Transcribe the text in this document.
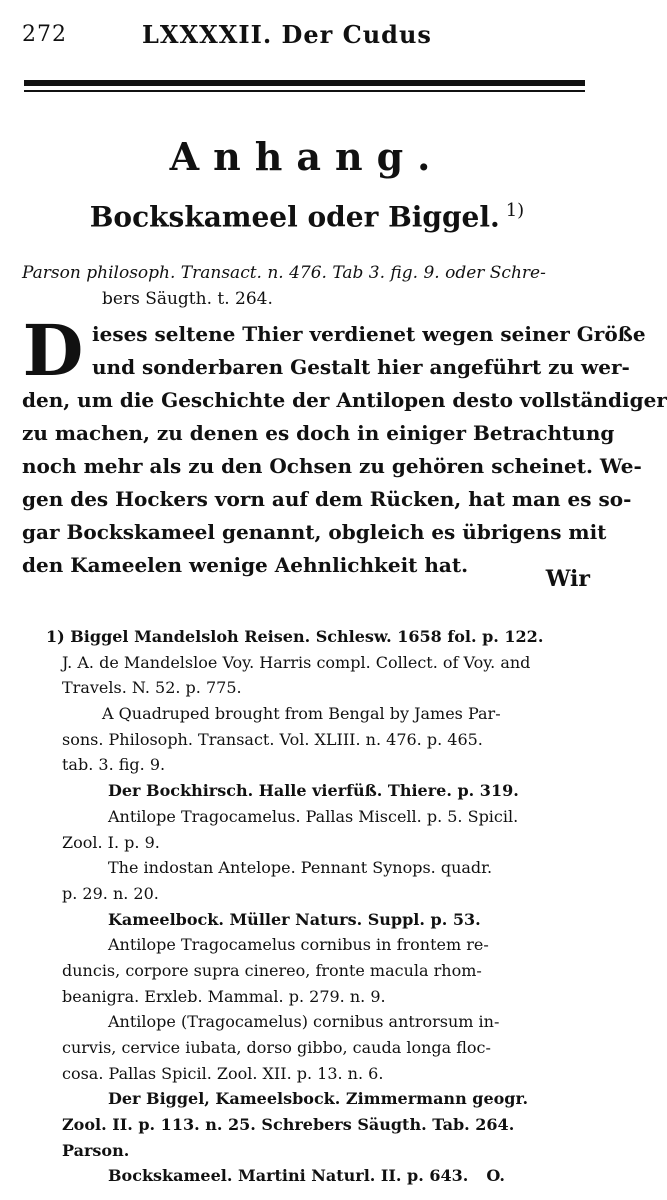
272	LXXXXII. Der Cudus
Anhang.
Bockskameel oder Biggel. $^{1)}$
Parson philosoph. Transact. n. 476. Tab 3. fig. 9. oder Schre-
bers Säugth. t. 264.
D ieses seltene Thier verdienet wegen seiner Größe
und sonderbaren Gestalt hier angeführt zu wer-
den, um die Geschichte der Antilopen desto vollständiger
zu machen, zu denen es doch in einiger Betrachtung
noch mehr als zu den Ochsen zu gehören scheinet. We-
gen des Hockers vorn auf dem Rücken, hat man es so-
gar Bockskameel genannt, obgleich es übrigens mit
den Kameelen wenige Aehnlichkeit hat.
Wir
1) Biggel Mandelsloh Reisen. Schlesw. 1658 fol. p. 122.
J. A. de Mandelsloe Voy. Harris compl. Collect. of Voy. and
Travels. N. 52. p. 775.
A Quadruped brought from Bengal by James Par-
sons. Philosoph. Transact. Vol. XLIII. n. 476. p. 465.
tab. 3. fig. 9.
Der Bockhirsch. Halle vierfüß. Thiere. p. 319.
Antilope Tragocamelus. Pallas Miscell. p. 5. Spicil.
Zool. I. p. 9.
The indostan Antelope. Pennant Synops. quadr.
p. 29. n. 20.
Kameelbock. Müller Naturs. Suppl. p. 53.
Antilope Tragocamelus cornibus in frontem re-
duncis, corpore supra cinereo, fronte macula rhom-
beanigra. Erxleb. Mammal. p. 279. n. 9.
Antilope (Tragocamelus) cornibus antrorsum in-
curvis, cervice iubata, dorso gibbo, cauda longa floc-
cosa. Pallas Spicil. Zool. XII. p. 13. n. 6.
Der Biggel, Kameelsbock. Zimmermann geogr.
Zool. II. p. 113. n. 25. Schrebers Säugth. Tab. 264.
Parson.
Bockskameel. Martini Naturl. II. p. 643. O.
